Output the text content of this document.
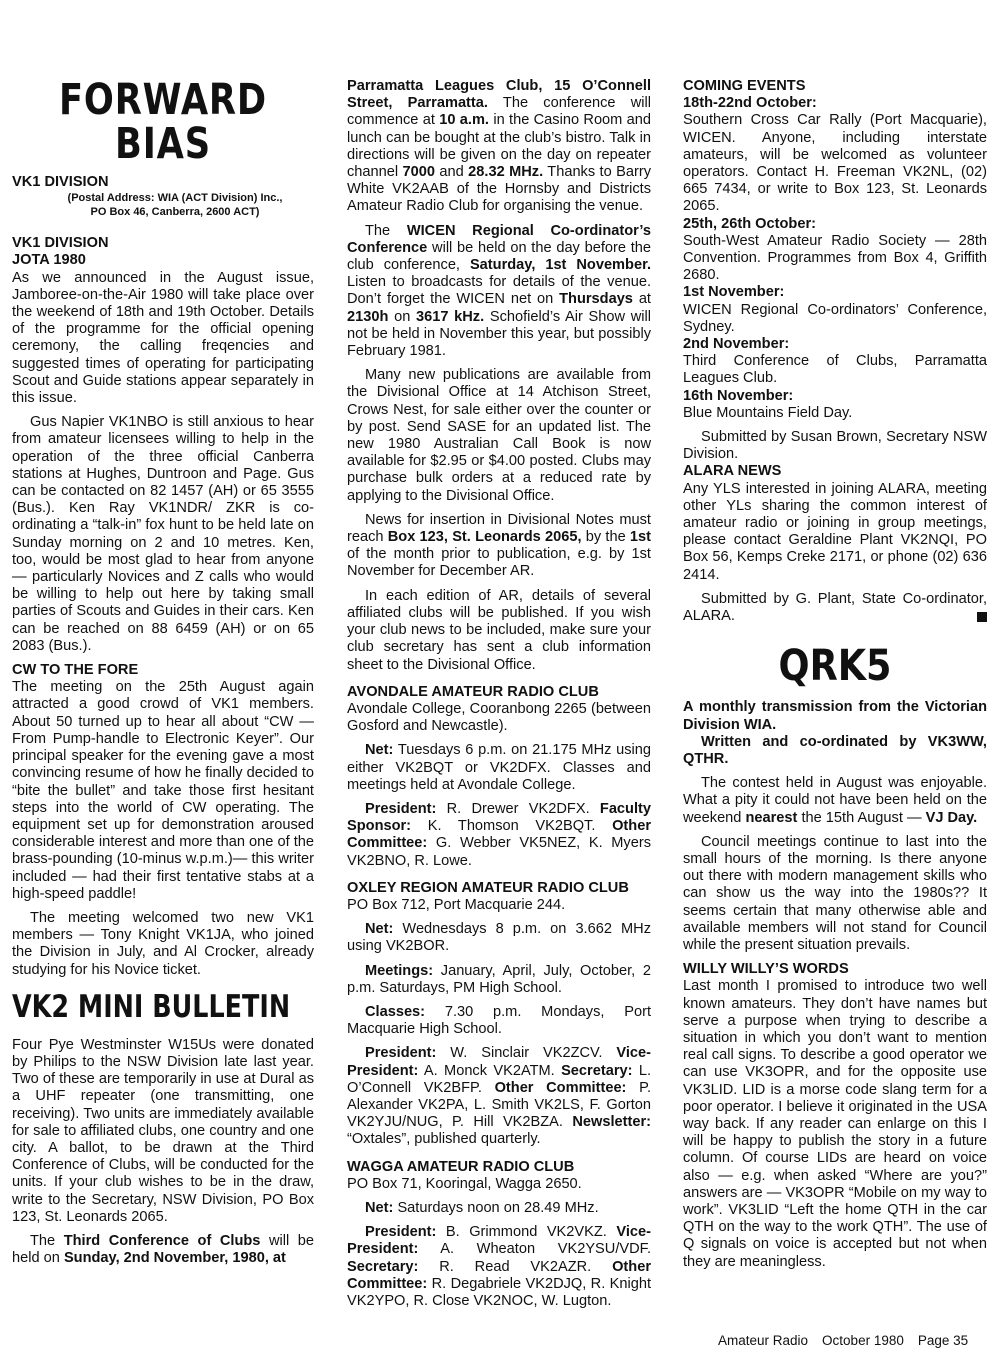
FORWARD
BIAS

VK1 DIVISION

(Postal Address: WIA (ACT Division) Inc.,
PO Box 46, Canberra, 2600 ACT)

VK1 DIVISION

JOTA 1980

As we announced in the August issue, Jamboree-on-the-Air 1980 will take place over the weekend of 18th and 19th October. Details of the programme for the official opening ceremony, the calling freqencies and suggested times of operating for participating Scout and Guide stations appear separately in this issue.

Gus Napier VK1NBO is still anxious to hear from amateur licensees willing to help in the operation of the three official Canberra stations at Hughes, Duntroon and Page. Gus can be contacted on 82 1457 (AH) or 65 3555 (Bus.). Ken Ray VK1NDR/ ZKR is co-ordinating a “talk-in” fox hunt to be held late on Sunday morning on 2 and 10 metres. Ken, too, would be most glad to hear from anyone — particularly Novices and Z calls who would be willing to help out here by taking small parties of Scouts and Guides in their cars. Ken can be reached on 88 6459 (AH) or on 65 2083 (Bus.).

CW TO THE FORE

The meeting on the 25th August again attracted a good crowd of VK1 members. About 50 turned up to hear all about “CW — From Pump-handle to Electronic Keyer”. Our principal speaker for the evening gave a most convincing resume of how he finally decided to “bite the bullet” and take those first hesitant steps into the world of CW operating. The equipment set up for demonstration aroused considerable interest and more than one of the brass-pounding (10-minus w.p.m.)— this writer included — had their first tentative stabs at a high-speed paddle!

The meeting welcomed two new VK1 members — Tony Knight VK1JA, who joined the Division in July, and Al Crocker, already studying for his Novice ticket.

VK2 MINI BULLETIN

Four Pye Westminster W15Us were donated by Philips to the NSW Division late last year. Two of these are temporarily in use at Dural as a UHF repeater (one transmitting, one receiving). Two units are immediately available for sale to affiliated clubs, one country and one city. A ballot, to be drawn at the Third Conference of Clubs, will be conducted for the units. If your club wishes to be in the draw, write to the Secretary, NSW Division, PO Box 123, St. Leonards 2065.

The Third Conference of Clubs will be held on Sunday, 2nd November, 1980, at

Parramatta Leagues Club, 15 O’Connell Street, Parramatta. The conference will commence at 10 a.m. in the Casino Room and lunch can be bought at the club’s bistro. Talk in directions will be given on the day on repeater channel 7000 and 28.32 MHz. Thanks to Barry White VK2AAB of the Hornsby and Districts Amateur Radio Club for organising the venue.

The WICEN Regional Co-ordinator’s Conference will be held on the day before the club conference, Saturday, 1st November. Listen to broadcasts for details of the venue. Don’t forget the WICEN net on Thursdays at 2130h on 3617 kHz. Schofield’s Air Show will not be held in November this year, but possibly February 1981.

Many new publications are available from the Divisional Office at 14 Atchison Street, Crows Nest, for sale either over the counter or by post. Send SASE for an updated list. The new 1980 Australian Call Book is now available for $2.95 or $4.00 posted. Clubs may purchase bulk orders at a reduced rate by applying to the Divisional Office.

News for insertion in Divisional Notes must reach Box 123, St. Leonards 2065, by the 1st of the month prior to publication, e.g. by 1st November for December AR.

In each edition of AR, details of several affiliated clubs will be published. If you wish your club news to be included, make sure your club secretary has sent a club information sheet to the Divisional Office.

AVONDALE AMATEUR RADIO CLUB

Avondale College, Cooranbong 2265 (between Gosford and Newcastle).

Net: Tuesdays 6 p.m. on 21.175 MHz using either VK2BQT or VK2DFX. Classes and meetings held at Avondale College.

President: R. Drewer VK2DFX. Faculty Sponsor: K. Thomson VK2BQT. Other Committee: G. Webber VK5NEZ, K. Myers VK2BNO, R. Lowe.

OXLEY REGION AMATEUR RADIO CLUB

PO Box 712, Port Macquarie 244.

Net: Wednesdays 8 p.m. on 3.662 MHz using VK2BOR.

Meetings: January, April, July, October, 2 p.m. Saturdays, PM High School.

Classes: 7.30 p.m. Mondays, Port Macquarie High School.

President: W. Sinclair VK2ZCV. Vice-President: A. Monck VK2ATM. Secretary: L. O’Connell VK2BFP. Other Committee: P. Alexander VK2PA, L. Smith VK2LS, F. Gorton VK2YJU/NUG, P. Hill VK2BZA. Newsletter: “Oxtales”, published quarterly.

WAGGA AMATEUR RADIO CLUB

PO Box 71, Kooringal, Wagga 2650.

Net: Saturdays noon on 28.49 MHz.

President: B. Grimmond VK2VKZ. Vice-President: A. Wheaton VK2YSU/VDF. Secretary: R. Read VK2AZR. Other Committee: R. Degabriele VK2DJQ, R. Knight VK2YPO, R. Close VK2NOC, W. Lugton.

COMING EVENTS

18th-22nd October:

Southern Cross Car Rally (Port Macquarie), WICEN. Anyone, including interstate amateurs, will be welcomed as volunteer operators. Contact H. Freeman VK2NL, (02) 665 7434, or write to Box 123, St. Leonards 2065.

25th, 26th October:

South-West Amateur Radio Society — 28th Convention. Programmes from Box 4, Griffith 2680.

1st November:

WICEN Regional Co-ordinators’ Conference, Sydney.

2nd November:

Third Conference of Clubs, Parramatta Leagues Club.

16th November:

Blue Mountains Field Day.

Submitted by Susan Brown, Secretary NSW Division.

ALARA NEWS

Any YLS interested in joining ALARA, meeting other YLs sharing the common interest of amateur radio or joining in group meetings, please contact Geraldine Plant VK2NQI, PO Box 56, Kemps Creke 2171, or phone (02) 636 2414.

Submitted by G. Plant, State Co-ordinator, ALARA.

QRK5

A monthly transmission from the Victorian Division WIA.

Written and co-ordinated by VK3WW, QTHR.

The contest held in August was enjoyable. What a pity it could not have been held on the weekend nearest the 15th August — VJ Day.

Council meetings continue to last into the small hours of the morning. Is there anyone out there with modern management skills who can show us the way into the 1980s?? It seems certain that many otherwise able and available members will not stand for Council while the present situation prevails.

WILLY WILLY’S WORDS

Last month I promised to introduce two well known amateurs. They don’t have names but serve a purpose when trying to describe a situation in which you don’t want to mention real call signs. To describe a good operator we can use VK3OPR, and for the opposite use VK3LID. LID is a morse code slang term for a poor operator. I believe it originated in the USA way back. If any reader can enlarge on this I will be happy to publish the story in a future column. Of course LIDs are heard on voice also — e.g. when asked “Where are you?” answers are — VK3OPR “Mobile on my way to work”. VK3LID “Left the home QTH in the car QTH on the way to the work QTH”. The use of Q signals on voice is accepted but not when they are meaningless.

Amateur Radio October 1980 Page 35
